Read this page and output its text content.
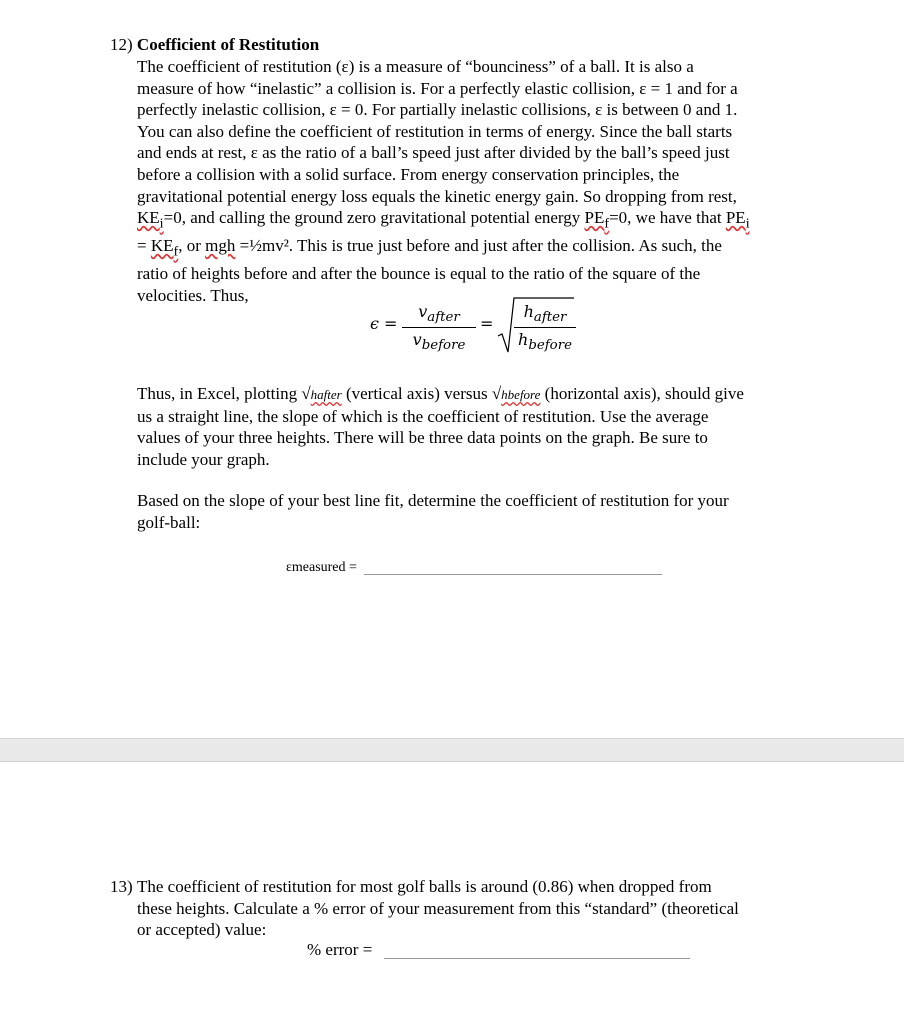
12) Coefficient of Restitution
The coefficient of restitution (ε) is a measure of “bounciness” of a ball. It is also a
measure of how “inelastic” a collision is. For a perfectly elastic collision, ε = 1 and for a
perfectly inelastic collision, ε = 0. For partially inelastic collisions, ε is between 0 and 1.
You can also define the coefficient of restitution in terms of energy. Since the ball starts
and ends at rest, ε as the ratio of a ball’s speed just after divided by the ball’s speed just
before a collision with a solid surface. From energy conservation principles, the
gravitational potential energy loss equals the kinetic energy gain. So dropping from rest,
$KE_i=0$, and calling the ground zero gravitational potential energy $PE_f=0$, we have that $PE_i$
= $KE_f$, or mgh =½mv². This is true just before and just after the collision. As such, the
ratio of heights before and after the bounce is equal to the ratio of the square of the
velocities. Thus,
ϵ =
$v_{after}$
$v_{before}$
=
$h_{after}$
$h_{before}$
Thus, in Excel, plotting √hafter (vertical axis) versus √hbefore (horizontal axis), should give
us a straight line, the slope of which is the coefficient of restitution. Use the average
values of your three heights. There will be three data points on the graph. Be sure to
include your graph.
Based on the slope of your best line fit, determine the coefficient of restitution for your
golf-ball:
εmeasured =
13) The coefficient of restitution for most golf balls is around (0.86) when dropped from
these heights. Calculate a % error of your measurement from this “standard” (theoretical
or accepted) value:
% error =
